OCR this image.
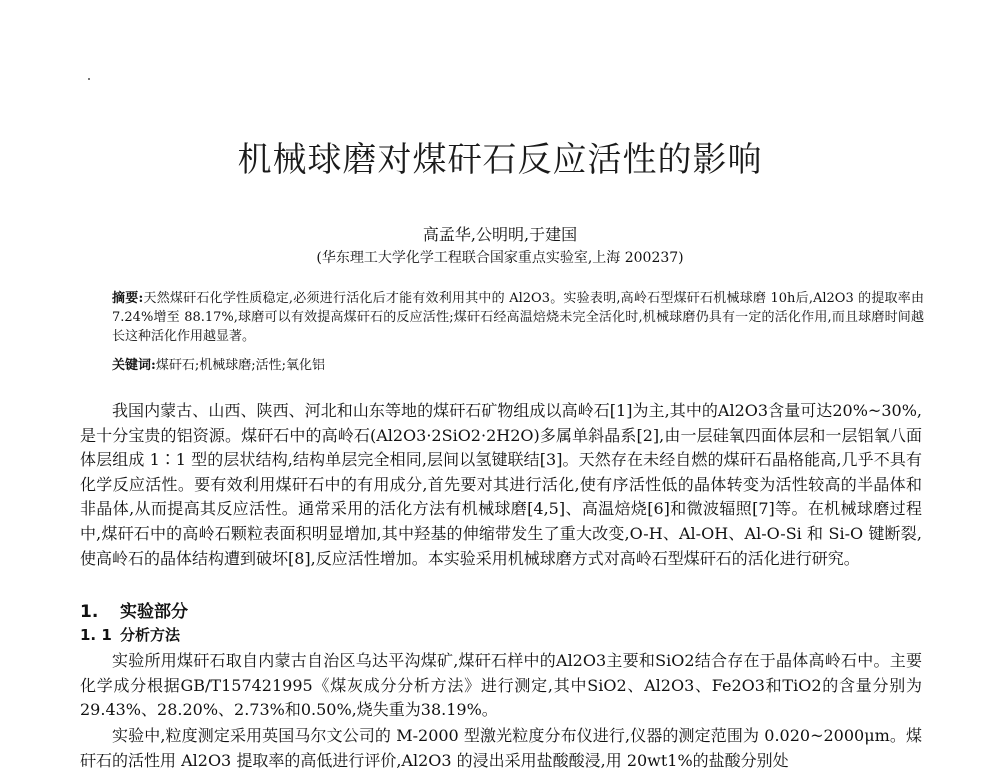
机械球磨对煤矸石反应活性的影响
高孟华,公明明,于建国
(华东理工大学化学工程联合国家重点实验室,上海 200237)
摘要:天然煤矸石化学性质稳定,必须进行活化后才能有效利用其中的 Al2O3。实验表明,高岭石型煤矸石机械球磨 10h后,Al2O3 的提取率由 7.24%增至 88.17%,球磨可以有效提高煤矸石的反应活性;煤矸石经高温焙烧未完全活化时,机械球磨仍具有一定的活化作用,而且球磨时间越长这种活化作用越显著。
关键词:煤矸石;机械球磨;活性;氧化铝

我国内蒙古、山西、陕西、河北和山东等地的煤矸石矿物组成以高岭石[1]为主,其中的Al2O3含量可达20%~30%,是十分宝贵的铝资源。煤矸石中的高岭石(Al2O3·2SiO2·2H2O)多属单斜晶系[2],由一层硅氧四面体层和一层铝氧八面体层组成 1∶1 型的层状结构,结构单层完全相同,层间以氢键联结[3]。天然存在未经自燃的煤矸石晶格能高,几乎不具有化学反应活性。要有效利用煤矸石中的有用成分,首先要对其进行活化,使有序活性低的晶体转变为活性较高的半晶体和非晶体,从而提高其反应活性。通常采用的活化方法有机械球磨[4,5]、高温焙烧[6]和微波辐照[7]等。在机械球磨过程中,煤矸石中的高岭石颗粒表面积明显增加,其中羟基的伸缩带发生了重大改变,O-H、Al-OH、Al-O-Si 和 Si-O 键断裂,使高岭石的晶体结构遭到破坏[8],反应活性增加。本实验采用机械球磨方式对高岭石型煤矸石的活化进行研究。

1. 实验部分
1. 1 分析方法

实验所用煤矸石取自内蒙古自治区乌达平沟煤矿,煤矸石样中的Al2O3主要和SiO2结合存在于晶体高岭石中。主要化学成分根据GB/T157421995《煤灰成分分析方法》进行测定,其中SiO2、Al2O3、Fe2O3和TiO2的含量分别为29.43%、28.20%、2.73%和0.50%,烧失重为38.19%。

实验中,粒度测定采用英国马尔文公司的 M-2000 型激光粒度分布仪进行,仪器的测定范围为 0.020~2000μm。煤矸石的活性用 Al2O3 提取率的高低进行评价,Al2O3 的浸出采用盐酸酸浸,用 20wt1%的盐酸分别处
